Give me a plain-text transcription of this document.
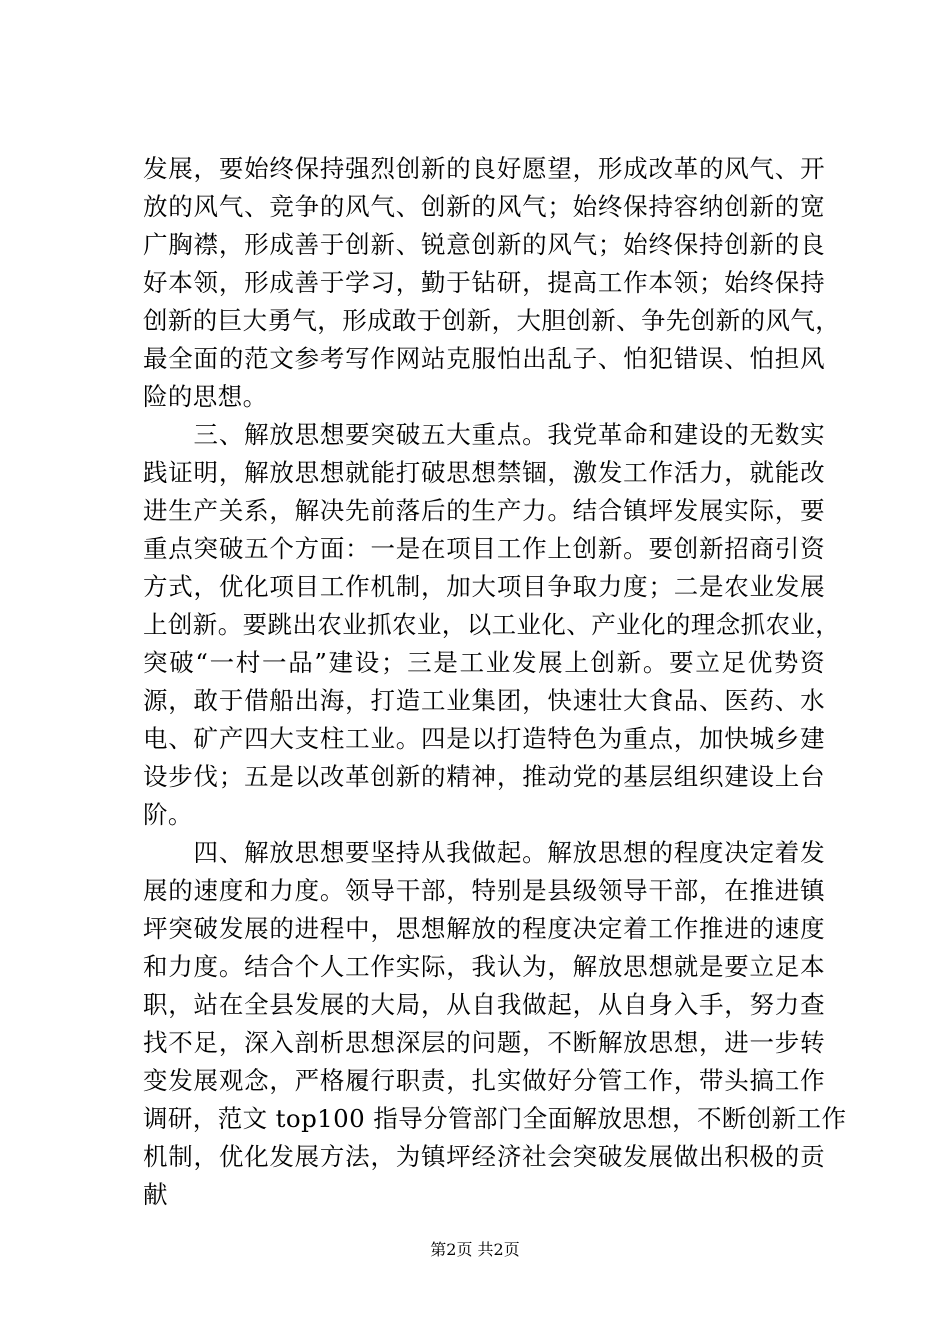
发展，要始终保持强烈创新的良好愿望，形成改革的风气、开
放的风气、竞争的风气、创新的风气；始终保持容纳创新的宽
广胸襟，形成善于创新、锐意创新的风气；始终保持创新的良
好本领，形成善于学习，勤于钻研，提高工作本领；始终保持
创新的巨大勇气，形成敢于创新，大胆创新、争先创新的风气，
最全面的范文参考写作网站克服怕出乱子、怕犯错误、怕担风
险的思想。
　　三、解放思想要突破五大重点。我党革命和建设的无数实
践证明，解放思想就能打破思想禁锢，激发工作活力，就能改
进生产关系，解决先前落后的生产力。结合镇坪发展实际，要
重点突破五个方面：一是在项目工作上创新。要创新招商引资
方式，优化项目工作机制，加大项目争取力度；二是农业发展
上创新。要跳出农业抓农业，以工业化、产业化的理念抓农业，
突破“一村一品”建设；三是工业发展上创新。要立足优势资
源，敢于借船出海，打造工业集团，快速壮大食品、医药、水
电、矿产四大支柱工业。四是以打造特色为重点，加快城乡建
设步伐；五是以改革创新的精神，推动党的基层组织建设上台
阶。
　　四、解放思想要坚持从我做起。解放思想的程度决定着发
展的速度和力度。领导干部，特别是县级领导干部，在推进镇
坪突破发展的进程中，思想解放的程度决定着工作推进的速度
和力度。结合个人工作实际，我认为，解放思想就是要立足本
职，站在全县发展的大局，从自我做起，从自身入手，努力查
找不足，深入剖析思想深层的问题，不断解放思想，进一步转
变发展观念，严格履行职责，扎实做好分管工作，带头搞工作
调研，范文 top100 指导分管部门全面解放思想，不断创新工作
机制，优化发展方法，为镇坪经济社会突破发展做出积极的贡
献
第2页 共2页
